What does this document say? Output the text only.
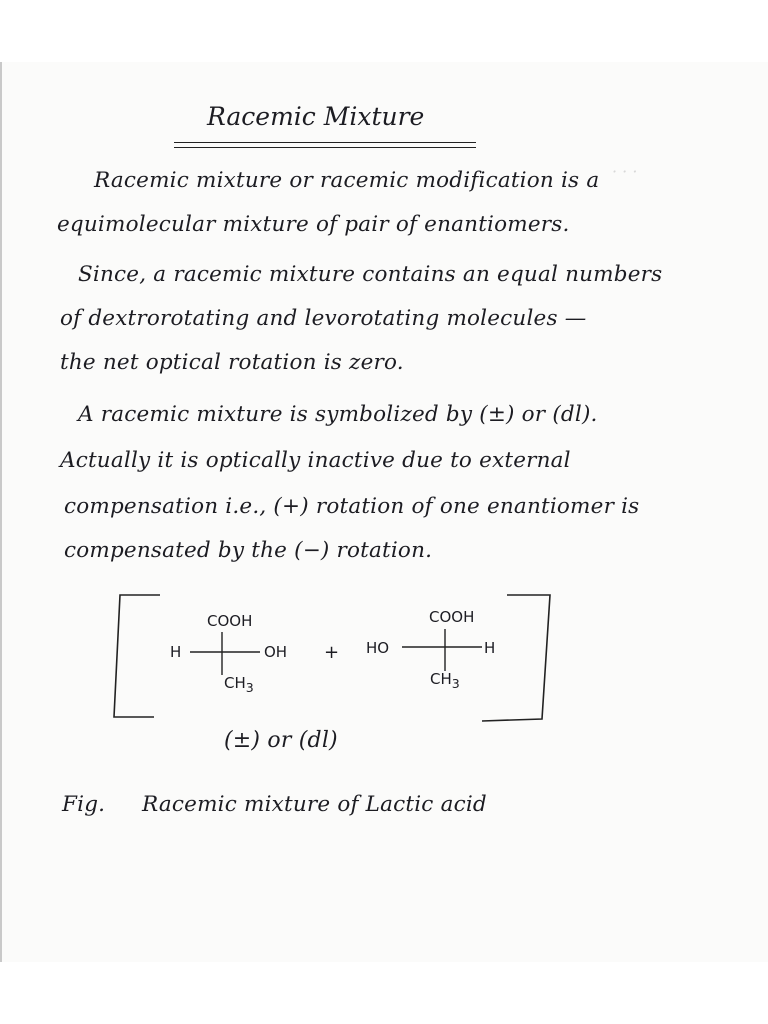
Racemic Mixture
· · ·
Racemic mixture or racemic modification is a
equimolecular mixture of pair of enantiomers.
Since, a racemic mixture contains an equal numbers
of dextrorotating and levorotating molecules —
the net optical rotation is zero.
A racemic mixture is symbolized by (±) or (dl).
Actually it is optically inactive due to external
compensation i.e., (+) rotation of one enantiomer is
compensated by the (−) rotation.
COOH
H	OH
$CH_3$
+
COOH
HO	H
$CH_3$
(±) or (dl)
Fig. Racemic mixture of Lactic acid
